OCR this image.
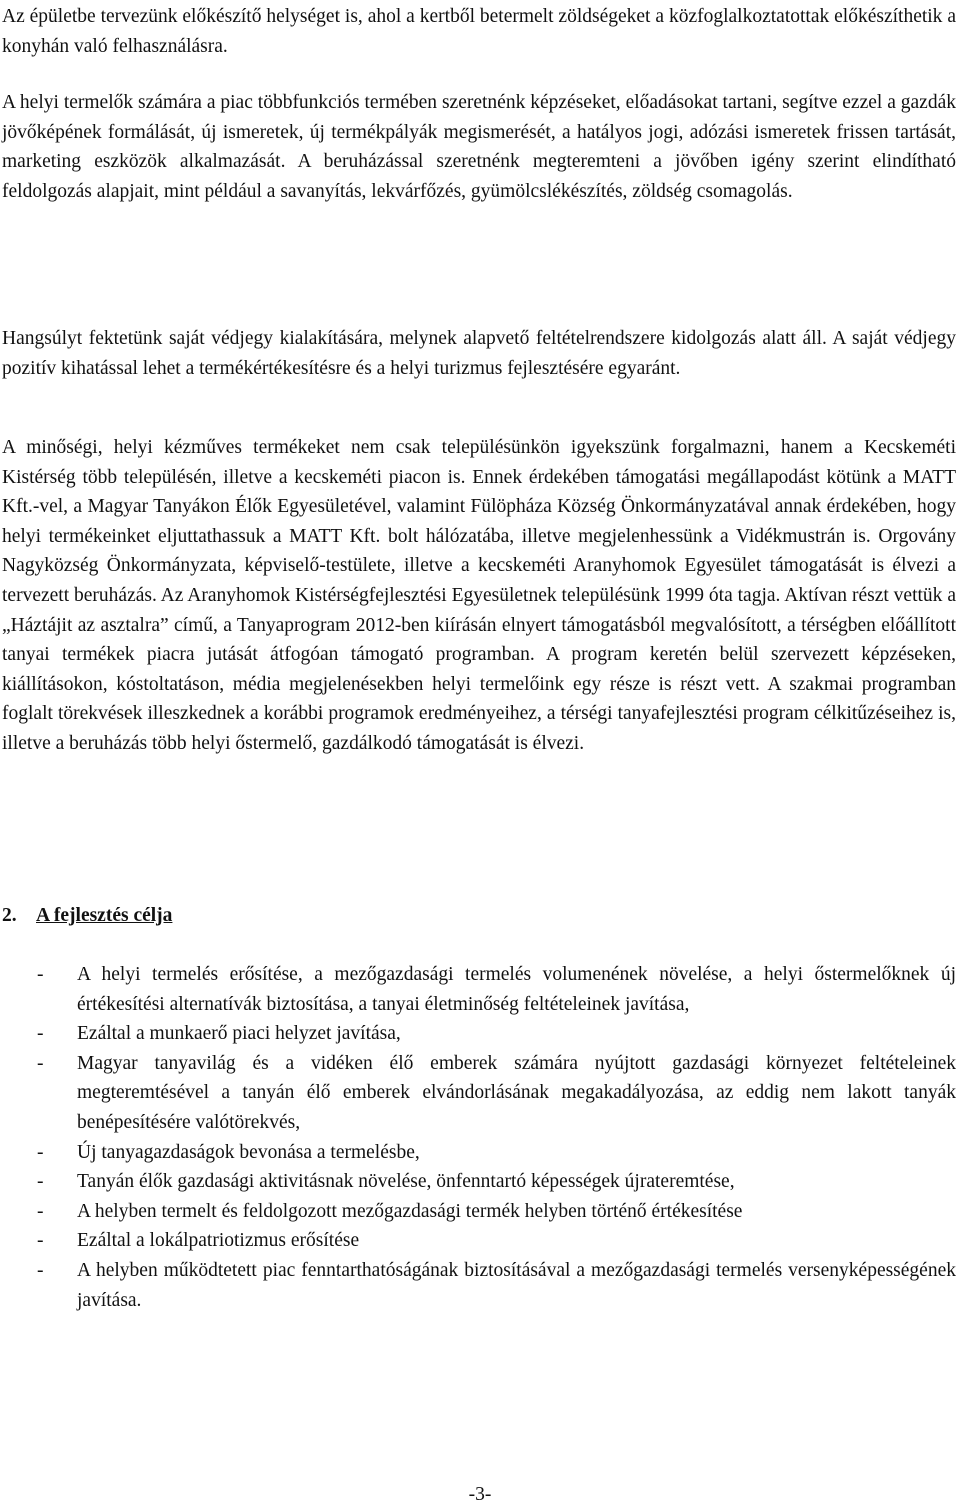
Az épületbe tervezünk előkészítő helységet is, ahol a kertből betermelt zöldségeket a közfoglalkoztatottak előkészíthetik a konyhán való felhasználásra.

A helyi termelők számára a piac többfunkciós termében szeretnénk képzéseket, előadásokat tartani, segítve ezzel a gazdák jövőképének formálását, új ismeretek, új termékpályák megismerését, a hatályos jogi, adózási ismeretek frissen tartását, marketing eszközök alkalmazását. A beruházással szeretnénk megteremteni a jövőben igény szerint elindítható feldolgozás alapjait, mint például a savanyítás, lekvárfőzés, gyümölcslékészítés, zöldség csomagolás.

Hangsúlyt fektetünk saját védjegy kialakítására, melynek alapvető feltételrendszere kidolgozás alatt áll. A saját védjegy pozitív kihatással lehet a termékértékesítésre és a helyi turizmus fejlesztésére egyaránt.

A minőségi, helyi kézműves termékeket nem csak településünkön igyekszünk forgalmazni, hanem a Kecskeméti Kistérség több településén, illetve a kecskeméti piacon is. Ennek érdekében támogatási megállapodást kötünk a MATT Kft.-vel, a Magyar Tanyákon Élők Egyesületével, valamint Fülöpháza Község Önkormányzatával annak érdekében, hogy helyi termékeinket eljuttathassuk a MATT Kft. bolt hálózatába, illetve megjelenhessünk a Vidékmustrán is. Orgovány Nagyközség Önkormányzata, képviselő-testülete, illetve a kecskeméti Aranyhomok Egyesület támogatását is élvezi a tervezett beruházás. Az Aranyhomok Kistérségfejlesztési Egyesületnek településünk 1999 óta tagja. Aktívan részt vettük a „Háztájit az asztalra” című, a Tanyaprogram 2012-ben kiírásán elnyert támogatásból megvalósított, a térségben előállított tanyai termékek piacra jutását átfogóan támogató programban. A program keretén belül szervezett képzéseken, kiállításokon, kóstoltatáson, média megjelenésekben helyi termelőink egy része is részt vett. A szakmai programban foglalt törekvések illeszkednek a korábbi programok eredményeihez, a térségi tanyafejlesztési program célkitűzéseihez is, illetve a beruházás több helyi őstermelő, gazdálkodó támogatását is élvezi.

2. A fejlesztés célja
- A helyi termelés erősítése, a mezőgazdasági termelés volumenének növelése, a helyi őstermelőknek új értékesítési alternatívák biztosítása, a tanyai életminőség feltételeinek javítása,
- Ezáltal a munkaerő piaci helyzet javítása,
- Magyar tanyavilág és a vidéken élő emberek számára nyújtott gazdasági környezet feltételeinek megteremtésével a tanyán élő emberek elvándorlásának megakadályozása, az eddig nem lakott tanyák benépesítésére valótörekvés,
- Új tanyagazdaságok bevonása a termelésbe,
- Tanyán élők gazdasági aktivitásnak növelése, önfenntartó képességek újrateremtése,
- A helyben termelt és feldolgozott mezőgazdasági termék helyben történő értékesítése
- Ezáltal a lokálpatriotizmus erősítése
- A helyben működtetett piac fenntarthatóságának biztosításával a mezőgazdasági termelés versenyképességének javítása.
-3-
